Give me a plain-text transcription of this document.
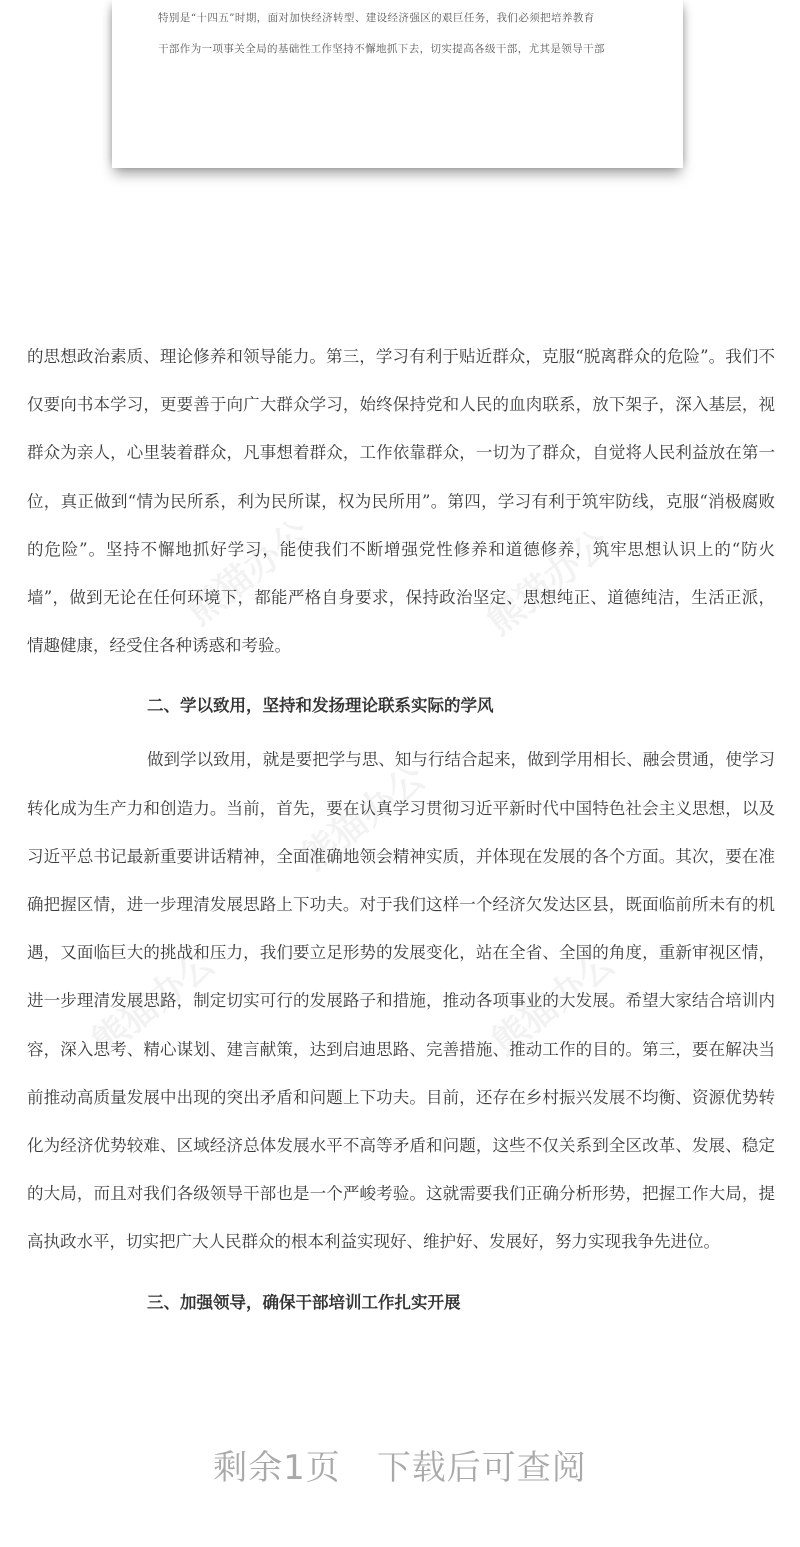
特别是“十四五”时期，面对加快经济转型、建设经济强区的艰巨任务，我们必须把培养教育
干部作为一项事关全局的基础性工作坚持不懈地抓下去，切实提高各级干部，尤其是领导干部
熊猫办公	熊猫办公
熊猫办公
熊猫办公	熊猫办公

的思想政治素质、理论修养和领导能力。第三，学习有利于贴近群众，克服“脱离群众的危险”。我们不仅要向书本学习，更要善于向广大群众学习，始终保持党和人民的血肉联系，放下架子，深入基层，视群众为亲人，心里装着群众，凡事想着群众，工作依靠群众，一切为了群众，自觉将人民利益放在第一位，真正做到“情为民所系，利为民所谋，权为民所用”。第四，学习有利于筑牢防线，克服“消极腐败的危险”。坚持不懈地抓好学习，能使我们不断增强党性修养和道德修养，筑牢思想认识上的“防火墙”，做到无论在任何环境下，都能严格自身要求，保持政治坚定、思想纯正、道德纯洁，生活正派，情趣健康，经受住各种诱惑和考验。

二、学以致用，坚持和发扬理论联系实际的学风

做到学以致用，就是要把学与思、知与行结合起来，做到学用相长、融会贯通，使学习转化成为生产力和创造力。当前，首先，要在认真学习贯彻习近平新时代中国特色社会主义思想，以及习近平总书记最新重要讲话精神，全面准确地领会精神实质，并体现在发展的各个方面。其次，要在准确把握区情，进一步理清发展思路上下功夫。对于我们这样一个经济欠发达区县，既面临前所未有的机遇，又面临巨大的挑战和压力，我们要立足形势的发展变化，站在全省、全国的角度，重新审视区情，进一步理清发展思路，制定切实可行的发展路子和措施，推动各项事业的大发展。希望大家结合培训内容，深入思考、精心谋划、建言献策，达到启迪思路、完善措施、推动工作的目的。第三，要在解决当前推动高质量发展中出现的突出矛盾和问题上下功夫。目前，还存在乡村振兴发展不均衡、资源优势转化为经济优势较难、区域经济总体发展水平不高等矛盾和问题，这些不仅关系到全区改革、发展、稳定的大局，而且对我们各级领导干部也是一个严峻考验。这就需要我们正确分析形势，把握工作大局，提高执政水平，切实把广大人民群众的根本利益实现好、维护好、发展好，努力实现我争先进位。

三、加强领导，确保干部培训工作扎实开展
剩余1页 下载后可查阅
